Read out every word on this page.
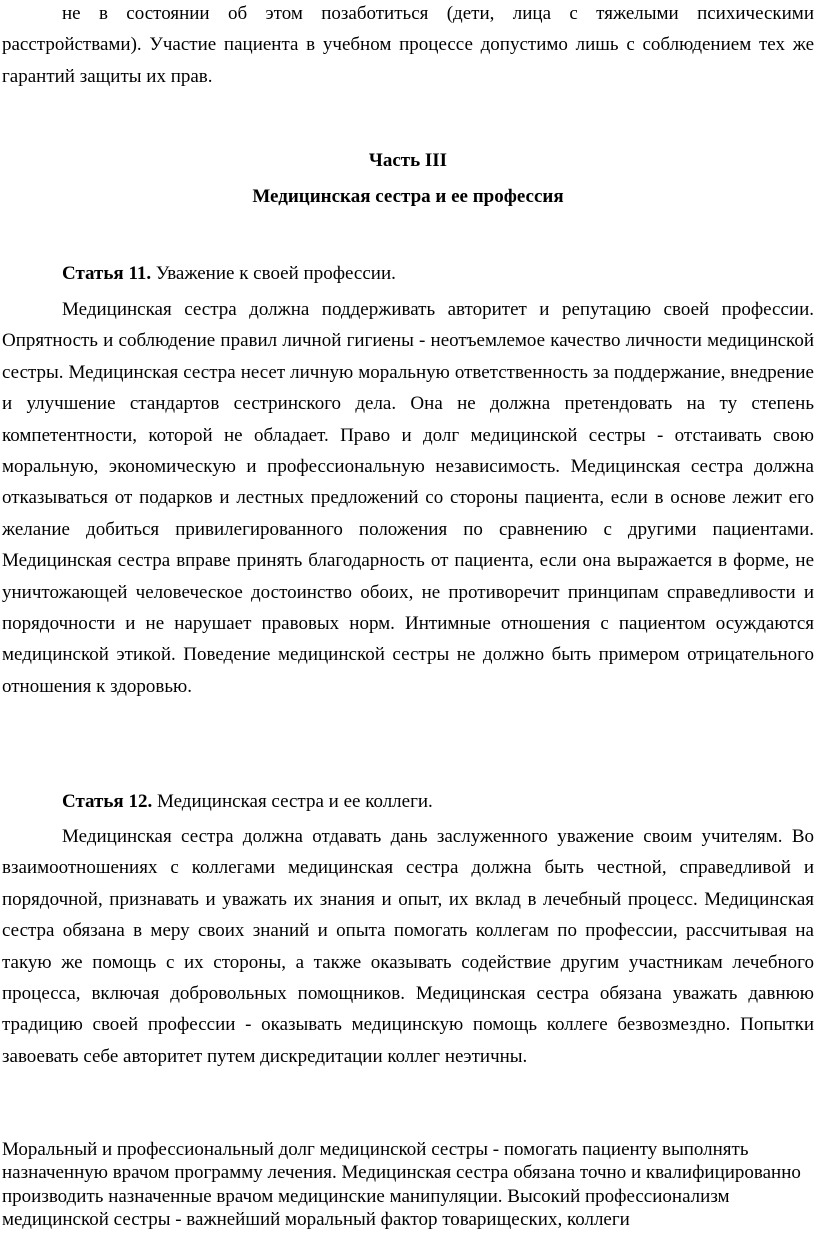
не в состоянии об этом позаботиться (дети, лица с тяжелыми психическими расстройствами). Участие пациента в учебном процессе допустимо лишь с соблюдением тех же гарантий защиты их прав.

Часть III

Медицинская сестра и ее профессия

Статья 11. Уважение к своей профессии.

Медицинская сестра должна поддерживать авторитет и репутацию своей профессии. Опрятность и соблюдение правил личной гигиены - неотъемлемое качество личности медицинской сестры. Медицинская сестра несет личную моральную ответственность за поддержание, внедрение и улучшение стандартов сестринского дела. Она не должна претендовать на ту степень компетентности, которой не обладает. Право и долг медицинской сестры - отстаивать свою моральную, экономическую и профессиональную независимость. Медицинская сестра должна отказываться от подарков и лестных предложений со стороны пациента, если в основе лежит его желание добиться привилегированного положения по сравнению с другими пациентами. Медицинская сестра вправе принять благодарность от пациента, если она выражается в форме, не уничтожающей человеческое достоинство обоих, не противоречит принципам справедливости и порядочности и не нарушает правовых норм. Интимные отношения с пациентом осуждаются медицинской этикой. Поведение медицинской сестры не должно быть примером отрицательного отношения к здоровью.

Статья 12. Медицинская сестра и ее коллеги.

Медицинская сестра должна отдавать дань заслуженного уважение своим учителям. Во взаимоотношениях с коллегами медицинская сестра должна быть честной, справедливой и порядочной, признавать и уважать их знания и опыт, их вклад в лечебный процесс. Медицинская сестра обязана в меру своих знаний и опыта помогать коллегам по профессии, рассчитывая на такую же помощь с их стороны, а также оказывать содействие другим участникам лечебного процесса, включая добровольных помощников. Медицинская сестра обязана уважать давнюю традицию своей профессии - оказывать медицинскую помощь коллеге безвозмездно. Попытки завоевать себе авторитет путем дискредитации коллег неэтичны.

Моральный и профессиональный долг медицинской сестры - помогать пациенту выполнять назначенную врачом программу лечения. Медицинская сестра обязана точно и квалифицированно производить назначенные врачом медицинские манипуляции. Высокий профессионализм медицинской сестры - важнейший моральный фактор товарищеских, коллеги
